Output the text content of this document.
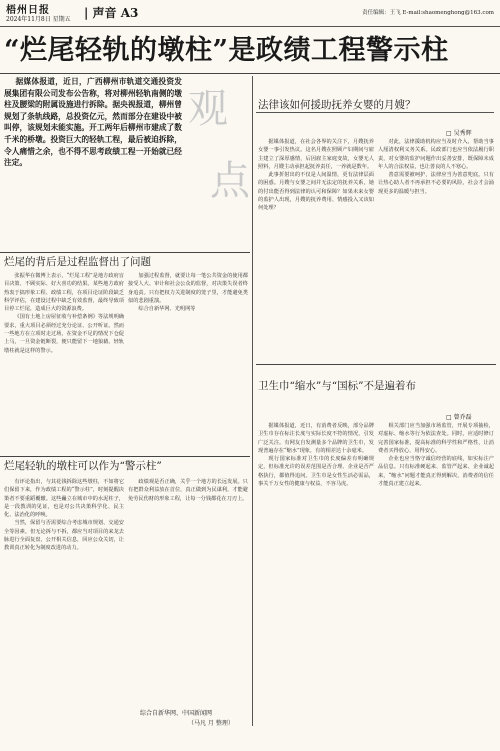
梧州日报
2024年11月8日 星期五 | 声音 A3	责任编辑：王飞 E-mail:shaomenghong@163.com
“烂尾轻轨的墩柱”是政绩工程警示柱
据媒体报道，近日，广西柳州市轨道交通投资发展集团有限公司发布公告称，将对柳州轻轨南侧的墩柱及腰梁的附属设施进行拆除。据央视报道，柳州曾规划了条轨线路，总投资亿元，然而部分在建设中被叫停，该规划未能实施。开工两年后柳州市建成了数千米的桥墩。投资巨大的轻轨工程，最后被迫拆除，令人痛惜之余，也不得不思考政绩工程一开始就已经注定。
观
点
烂尾的背后是过程监督出了问题

张振华在微博上表示，“烂尾工程”是地方政府盲目决策、不顾实际、好大喜功的结果。某些地方政府热衷于搞形象工程、政绩工程，在项目论证阶段缺乏科学评估，在建设过程中缺乏有效监督，最终导致项目停工烂尾，造成巨大的资源浪费。

《国有土地上房屋征收与补偿条例》等法规明确要求，重大项目必须经过充分论证、公开听证。然而一些地方在立项时走过场，在资金不足的情况下仓促上马，一旦资金链断裂，便只能留下一地狼藉。轻轨墩柱就是这样的警示。

加强过程监督，就要让每一笔公共资金的使用都接受人大、审计和社会公众的监督，对决策失误者终身追责。只有把权力关进制度的笼子里，才能避免类似的悲剧重演。

综合自新华网、光明网等

烂尾轻轨的墩柱可以作为“警示柱”

有评论指出，与其花钱拆除这些墩柱，不如将它们保留下来，作为政绩工程的“警示柱”，时刻提醒决策者不要重蹈覆辙。这些矗立在城市中的水泥柱子，是一段教训的见证，也是对公共决策科学化、民主化、法治化的呼唤。

当然，保留与否需要综合考虑城市规划、交通安全等因素。但无论拆与不拆，都应当对项目的来龙去脉进行全面复盘，公开相关信息，回应公众关切，让教训真正转化为制度改进的动力。

政绩观是否正确，关乎一个地方的长远发展。只有把群众利益放在首位，真正做到为民谋利，才能避免劳民伤财的形象工程，让每一分钱都花在刀刃上。

综合自新华网、中国新闻网
（马凡 月 整理）
法律该如何援助抚养女婴的月嫂？
□ 吴秀辉

据媒体报道，在社会各界的关注下，月嫂抚养女婴一事引发热议。这名月嫂在照顾产妇期间与雇主建立了深厚感情，后因雇主家庭变故，女婴无人照料，月嫂主动承担起抚养责任，一养就是数年。

此事折射出的不仅是人间温情，更有法律层面的困惑。月嫂与女婴之间并无法定的抚养关系，她的付出能否得到法律的认可和保障？如果未来女婴的监护人出现，月嫂的抚养费用、情感投入又该如何处理？

对此，法律援助机构应当及时介入，帮助当事人厘清权利义务关系。民政部门也应当依法履行职责，对女婴的监护问题作出妥善安排，既保障未成年人的合法权益，也让善良的人不寒心。

善意需要被呵护，法律应当为善意兜底。只有让热心助人者不再承担不必要的风险，社会才会涌现更多的温暖与担当。

卫生巾“缩水”与“国标”不是遍着布
□ 曾乔磊

据媒体报道，近日，有消费者反映，部分品牌卫生巾存在标注长度与实际长度不符的情况，引发广泛关注。有网友自发测量多个品牌的卫生巾，发现普遍存在“缩水”现象，有的相差达十余毫米。

现行国家标准对卫生巾的长度偏差有明确规定，但标准允许的误差范围是否合理、企业是否严格执行，都值得追问。卫生巾是女性生活必需品，事关千万女性的健康与权益，不容马虎。

相关部门应当加强市场监管，开展专项抽检，对虚标、缩水等行为依法查处。同时，应适时修订完善国家标准，提高标准的科学性和严格性，让消费者买得放心、用得安心。

企业也应当恪守诚信经营的底线，如实标注产品信息。只有标准硬起来、监管严起来、企业诚起来，“缩水”问题才能真正得到解决，消费者的信任才能真正建立起来。
